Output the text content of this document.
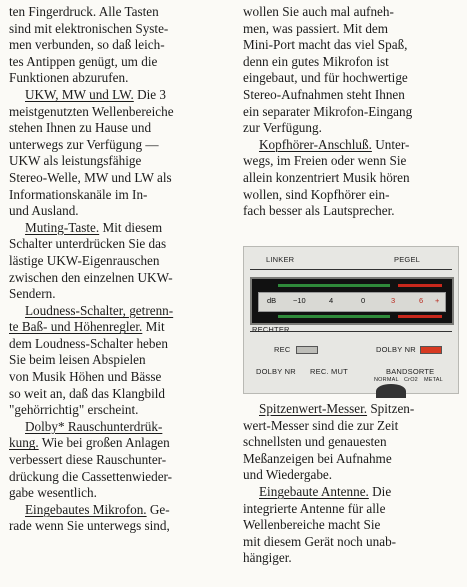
ten Fingerdruck. Alle Tasten
sind mit elektronischen Syste-
men verbunden, so daß leich-
tes Antippen genügt, um die
Funktionen abzurufen.
UKW, MW und LW. Die 3
meistgenutzten Wellenbereiche
stehen Ihnen zu Hause und
unterwegs zur Verfügung —
UKW als leistungsfähige
Stereo-Welle, MW und LW als
Informationskanäle im In-
und Ausland.
Muting-Taste. Mit diesem
Schalter unterdrücken Sie das
lästige UKW-Eigenrauschen
zwischen den einzelnen UKW-
Sendern.
Loudness-Schalter, getrenn-
te Baß- und Höhenregler. Mit
dem Loudness-Schalter heben
Sie beim leisen Abspielen
von Musik Höhen und Bässe
so weit an, daß das Klangbild
"gehörrichtig" erscheint.
Dolby* Rauschunterdrük-
kung. Wie bei großen Anlagen
verbessert diese Rauschunter-
drückung die Cassettenwieder-
gabe wesentlich.
Eingebautes Mikrofon. Ge-
rade wenn Sie unterwegs sind,
wollen Sie auch mal aufneh-
men, was passiert. Mit dem
Mini-Port macht das viel Spaß,
denn ein gutes Mikrofon ist
eingebaut, und für hochwertige
Stereo-Aufnahmen steht Ihnen
ein separater Mikrofon-Eingang
zur Verfügung.
Kopfhörer-Anschluß. Unter-
wegs, im Freien oder wenn Sie
allein konzentriert Musik hören
wollen, sind Kopfhörer ein-
fach besser als Lautsprecher.
LINKER	PEGEL
dB −10	4	0	3	6 +
RECHTER
REC	DOLBY NR
DOLBY NR REC. MUT	BANDSORTE
NORMAL CrO2 METAL
Spitzenwert-Messer. Spitzen-
wert-Messer sind die zur Zeit
schnellsten und genauesten
Meßanzeigen bei Aufnahme
und Wiedergabe.
Eingebaute Antenne. Die
integrierte Antenne für alle
Wellenbereiche macht Sie
mit diesem Gerät noch unab-
hängiger.
